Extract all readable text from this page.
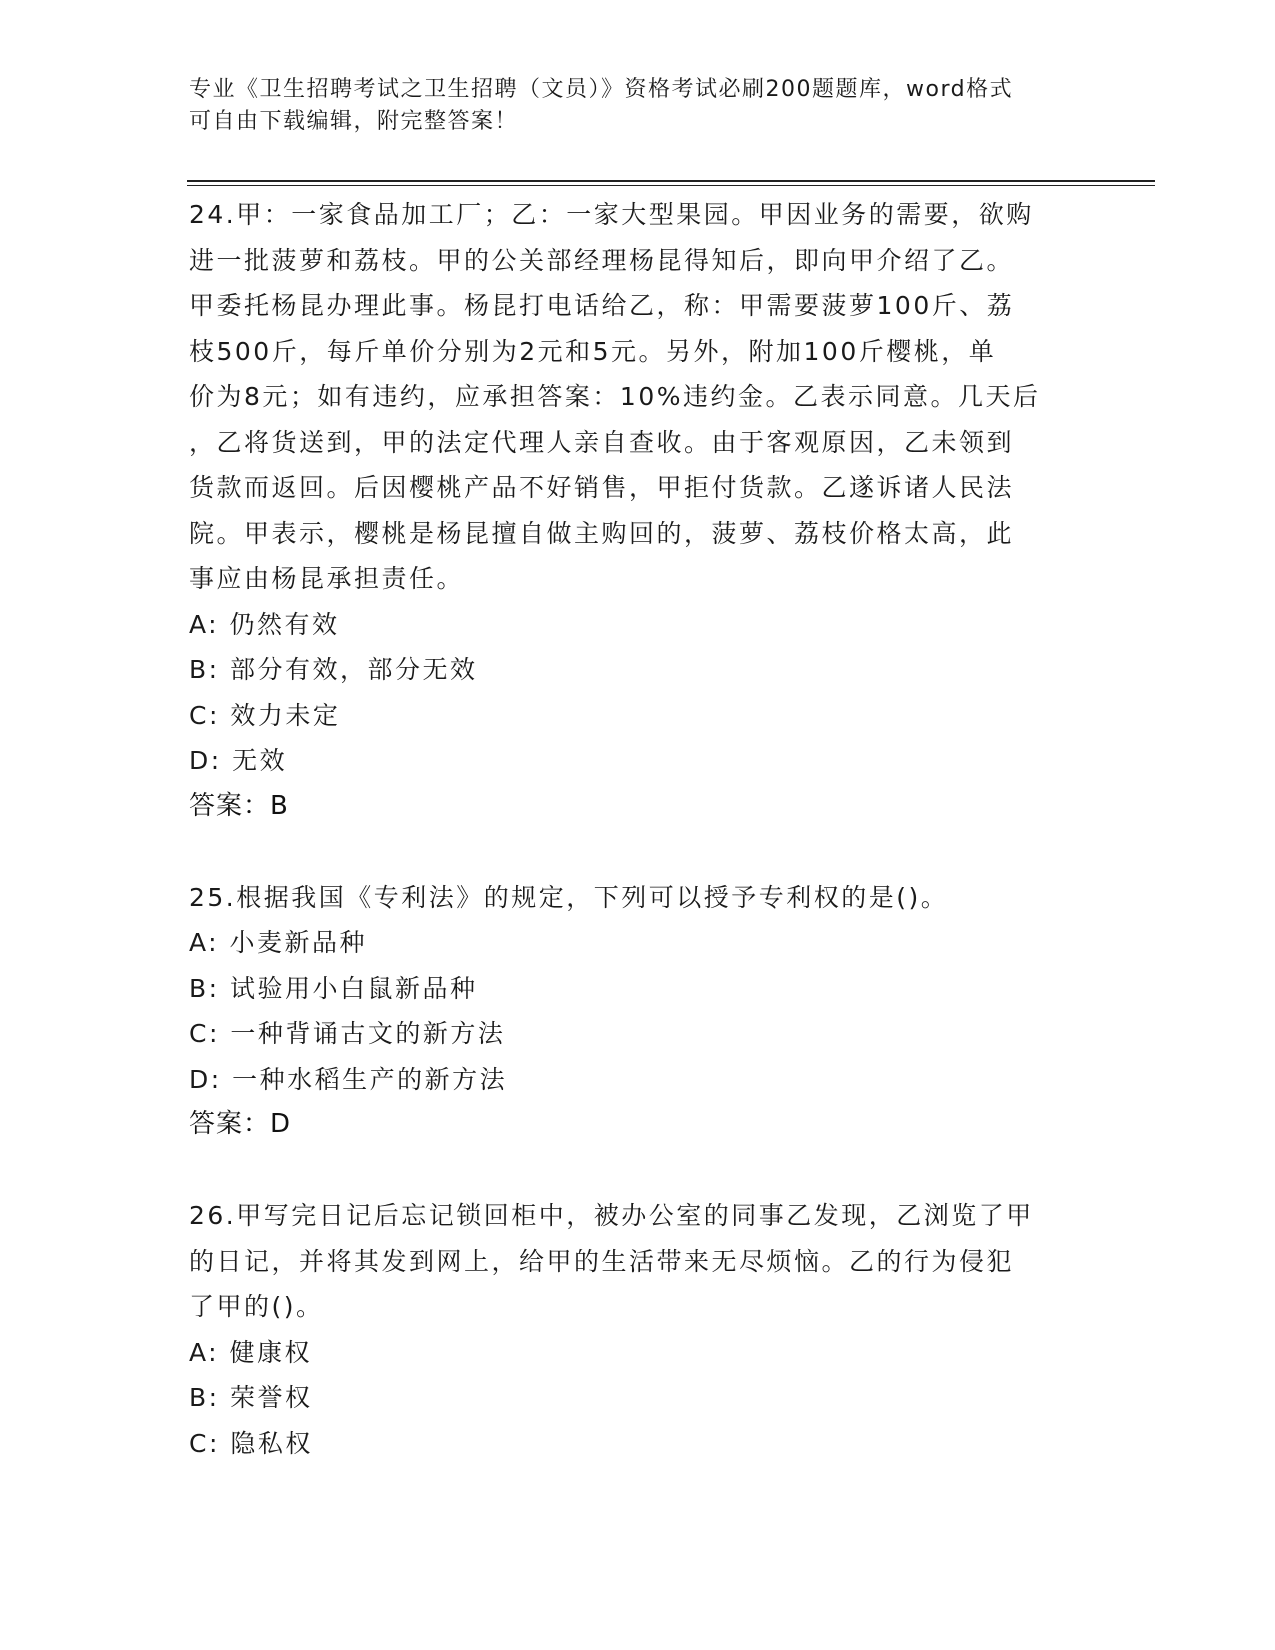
专业《卫生招聘考试之卫生招聘（文员）》资格考试必刷200题题库，word格式
可自由下载编辑，附完整答案！
24.甲：一家食品加工厂；乙：一家大型果园。甲因业务的需要，欲购
进一批菠萝和荔枝。甲的公关部经理杨昆得知后，即向甲介绍了乙。
甲委托杨昆办理此事。杨昆打电话给乙，称：甲需要菠萝100斤、荔
枝500斤，每斤单价分别为2元和5元。另外，附加100斤樱桃，单
价为8元；如有违约，应承担答案：10%违约金。乙表示同意。几天后
，乙将货送到，甲的法定代理人亲自查收。由于客观原因，乙未领到
货款而返回。后因樱桃产品不好销售，甲拒付货款。乙遂诉诸人民法
院。甲表示，樱桃是杨昆擅自做主购回的，菠萝、荔枝价格太高，此
事应由杨昆承担责任。
A: 仍然有效
B: 部分有效，部分无效
C: 效力未定
D: 无效
答案：B
25.根据我国《专利法》的规定，下列可以授予专利权的是()。
A: 小麦新品种
B: 试验用小白鼠新品种
C: 一种背诵古文的新方法
D: 一种水稻生产的新方法
答案：D
26.甲写完日记后忘记锁回柜中，被办公室的同事乙发现，乙浏览了甲
的日记，并将其发到网上，给甲的生活带来无尽烦恼。乙的行为侵犯
了甲的()。
A: 健康权
B: 荣誉权
C: 隐私权
